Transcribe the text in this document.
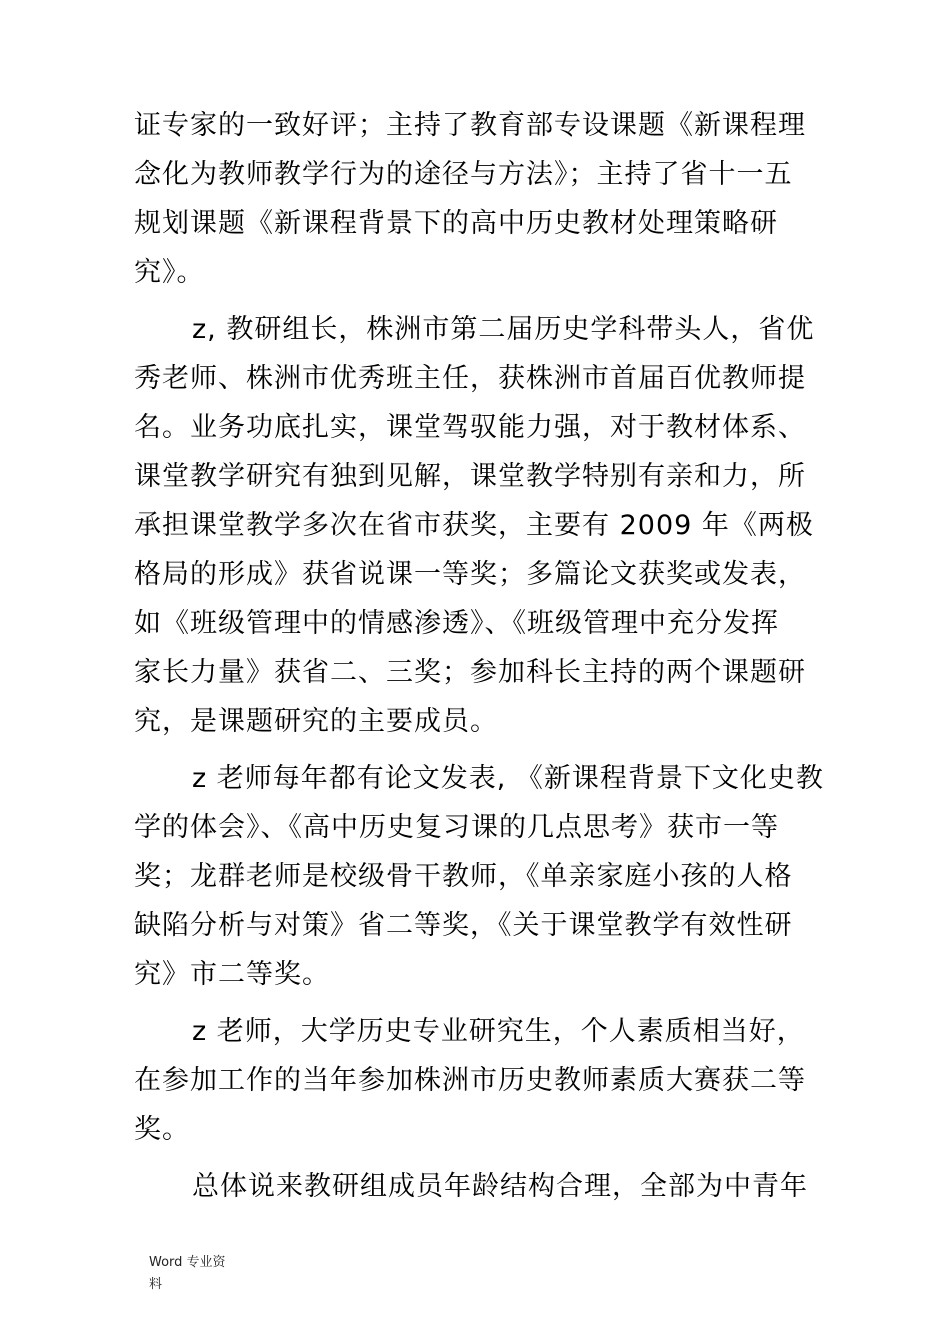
证专家的一致好评；主持了教育部专设课题《新课程理
念化为教师教学行为的途径与方法》；主持了省十一五
规划课题《新课程背景下的高中历史教材处理策略研
究》。
z, 教研组长，株洲市第二届历史学科带头人，省优
秀老师、株洲市优秀班主任，获株洲市首届百优教师提
名。业务功底扎实，课堂驾驭能力强，对于教材体系、
课堂教学研究有独到见解，课堂教学特别有亲和力，所
承担课堂教学多次在省市获奖，主要有 2009 年《两极
格局的形成》获省说课一等奖；多篇论文获奖或发表，
如《班级管理中的情感渗透》、《班级管理中充分发挥
家长力量》获省二、三奖；参加科长主持的两个课题研
究，是课题研究的主要成员。
z 老师每年都有论文发表, 《新课程背景下文化史教
学的体会》、《高中历史复习课的几点思考》获市一等
奖；龙群老师是校级骨干教师，《单亲家庭小孩的人格
缺陷分析与对策》省二等奖，《关于课堂教学有效性研
究》市二等奖。
z 老师，大学历史专业研究生，个人素质相当好，
在参加工作的当年参加株洲市历史教师素质大赛获二等
奖。
总体说来教研组成员年龄结构合理，全部为中青年
Word 专业资
料
